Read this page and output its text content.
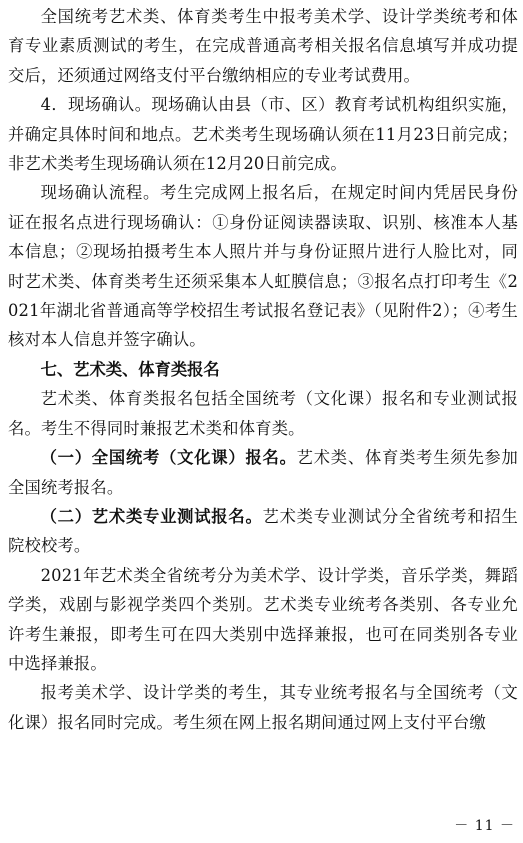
全国统考艺术类、体育类考生中报考美术学、设计学类统考和体育专业素质测试的考生，在完成普通高考相关报名信息填写并成功提交后，还须通过网络支付平台缴纳相应的专业考试费用。

4．现场确认。现场确认由县（市、区）教育考试机构组织实施，并确定具体时间和地点。艺术类考生现场确认须在11月23日前完成；非艺术类考生现场确认须在12月20日前完成。

现场确认流程。考生完成网上报名后，在规定时间内凭居民身份证在报名点进行现场确认：①身份证阅读器读取、识别、核准本人基本信息；②现场拍摄考生本人照片并与身份证照片进行人脸比对，同时艺术类、体育类考生还须采集本人虹膜信息；③报名点打印考生《2021年湖北省普通高等学校招生考试报名登记表》（见附件2）；④考生核对本人信息并签字确认。

七、艺术类、体育类报名

艺术类、体育类报名包括全国统考（文化课）报名和专业测试报名。考生不得同时兼报艺术类和体育类。

（一）全国统考（文化课）报名。艺术类、体育类考生须先参加全国统考报名。

（二）艺术类专业测试报名。艺术类专业测试分全省统考和招生院校校考。

2021年艺术类全省统考分为美术学、设计学类，音乐学类，舞蹈学类，戏剧与影视学类四个类别。艺术类专业统考各类别、各专业允许考生兼报，即考生可在四大类别中选择兼报，也可在同类别各专业中选择兼报。

报考美术学、设计学类的考生，其专业统考报名与全国统考（文化课）报名同时完成。考生须在网上报名期间通过网上支付平台缴

－ 11 －
